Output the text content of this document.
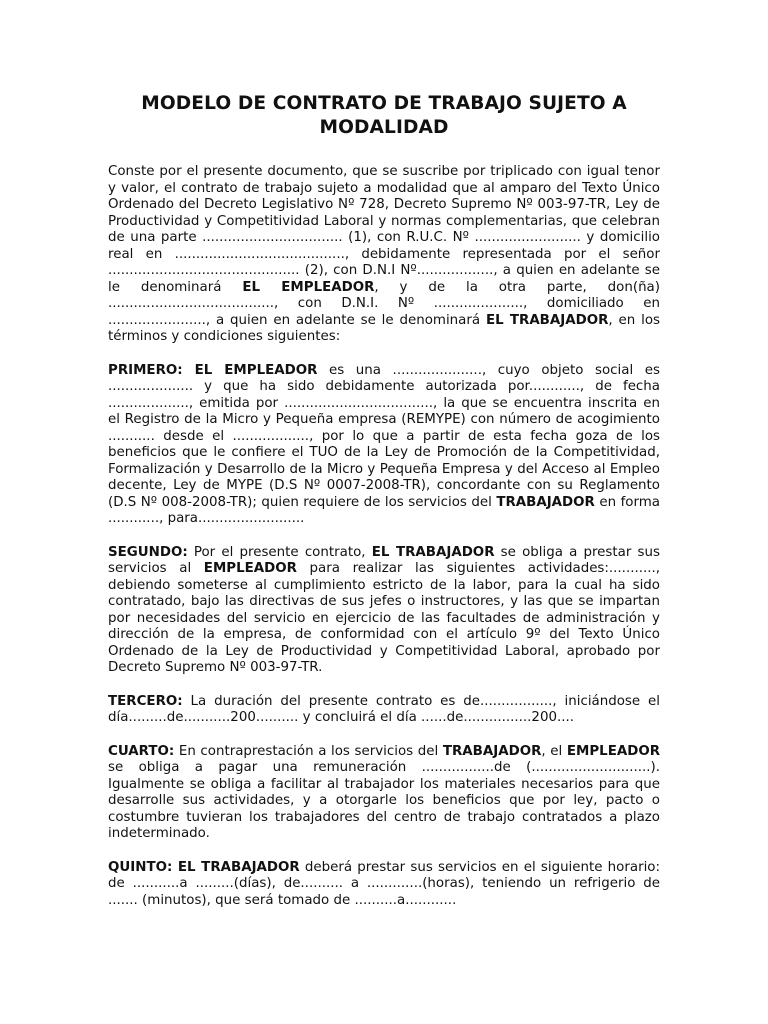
MODELO DE CONTRATO DE TRABAJO SUJETO A MODALIDAD

Conste por el presente documento, que se suscribe por triplicado con igual tenor y valor, el contrato de trabajo sujeto a modalidad que al amparo del Texto Único Ordenado del Decreto Legislativo Nº 728, Decreto Supremo Nº 003-97-TR, Ley de Productividad y Competitividad Laboral y normas complementarias, que celebran de una parte ................................. (1), con R.U.C. Nº ......................... y domicilio real en ........................................, debidamente representada por el señor ............................................. (2), con D.N.I Nº.................., a quien en adelante se le denominará EL EMPLEADOR, y de la otra parte, don(ña) ......................................., con D.N.I. Nº ....................., domiciliado en ......................., a quien en adelante se le denominará EL TRABAJADOR, en los términos y condiciones siguientes:

PRIMERO: EL EMPLEADOR es una ....................., cuyo objeto social es .................... y que ha sido debidamente autorizada por............, de fecha ..................., emitida por ..................................., la que se encuentra inscrita en el Registro de la Micro y Pequeña empresa (REMYPE) con número de acogimiento ........... desde el .................., por lo que a partir de esta fecha goza de los beneficios que le confiere el TUO de la Ley de Promoción de la Competitividad, Formalización y Desarrollo de la Micro y Pequeña Empresa y del Acceso al Empleo decente, Ley de MYPE (D.S Nº 0007-2008-TR), concordante con su Reglamento (D.S Nº 008-2008-TR); quien requiere de los servicios del TRABAJADOR en forma ............, para.........................

SEGUNDO: Por el presente contrato, EL TRABAJADOR se obliga a prestar sus servicios al EMPLEADOR para realizar las siguientes actividades:..........., debiendo someterse al cumplimiento estricto de la labor, para la cual ha sido contratado, bajo las directivas de sus jefes o instructores, y las que se impartan por necesidades del servicio en ejercicio de las facultades de administración y dirección de la empresa, de conformidad con el artículo 9º del Texto Único Ordenado de la Ley de Productividad y Competitividad Laboral, aprobado por Decreto Supremo Nº 003-97-TR.

TERCERO: La duración del presente contrato es de................., iniciándose el día.........de...........200.......... y concluirá el día ......de................200....

CUARTO: En contraprestación a los servicios del TRABAJADOR, el EMPLEADOR se obliga a pagar una remuneración .................de (............................). Igualmente se obliga a facilitar al trabajador los materiales necesarios para que desarrolle sus actividades, y a otorgarle los beneficios que por ley, pacto o costumbre tuvieran los trabajadores del centro de trabajo contratados a plazo indeterminado.

QUINTO: EL TRABAJADOR deberá prestar sus servicios en el siguiente horario: de ...........a .........(días), de.......... a .............(horas), teniendo un refrigerio de ....... (minutos), que será tomado de ..........a............
